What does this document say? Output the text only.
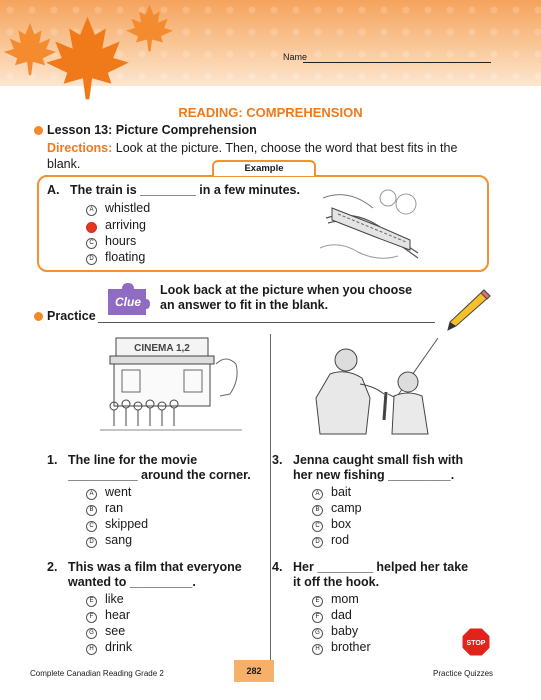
Name
READING: COMPREHENSION
Lesson 13: Picture Comprehension
Directions: Look at the picture. Then, choose the word that best fits in the blank.	Example
A. The train is ________ in a few minutes.
A whistled
arriving
C hours
D floating
Clue
Look back at the picture when you choose
an answer to fit in the blank.
Practice
CINEMA 1,2
1. The line for the movie
__________ around the corner.
A went
B ran
C skipped
D sang
2. This was a film that everyone
wanted to _________.
E like
F hear
G see
H drink
3. Jenna caught small fish with
her new fishing _________.
A bait
B camp
C box
D rod
4. Her ________ helped her take
it off the hook.
E mom
F dad
G baby
H brother	STOP
Complete Canadian Reading Grade 2	282	Practice Quizzes
